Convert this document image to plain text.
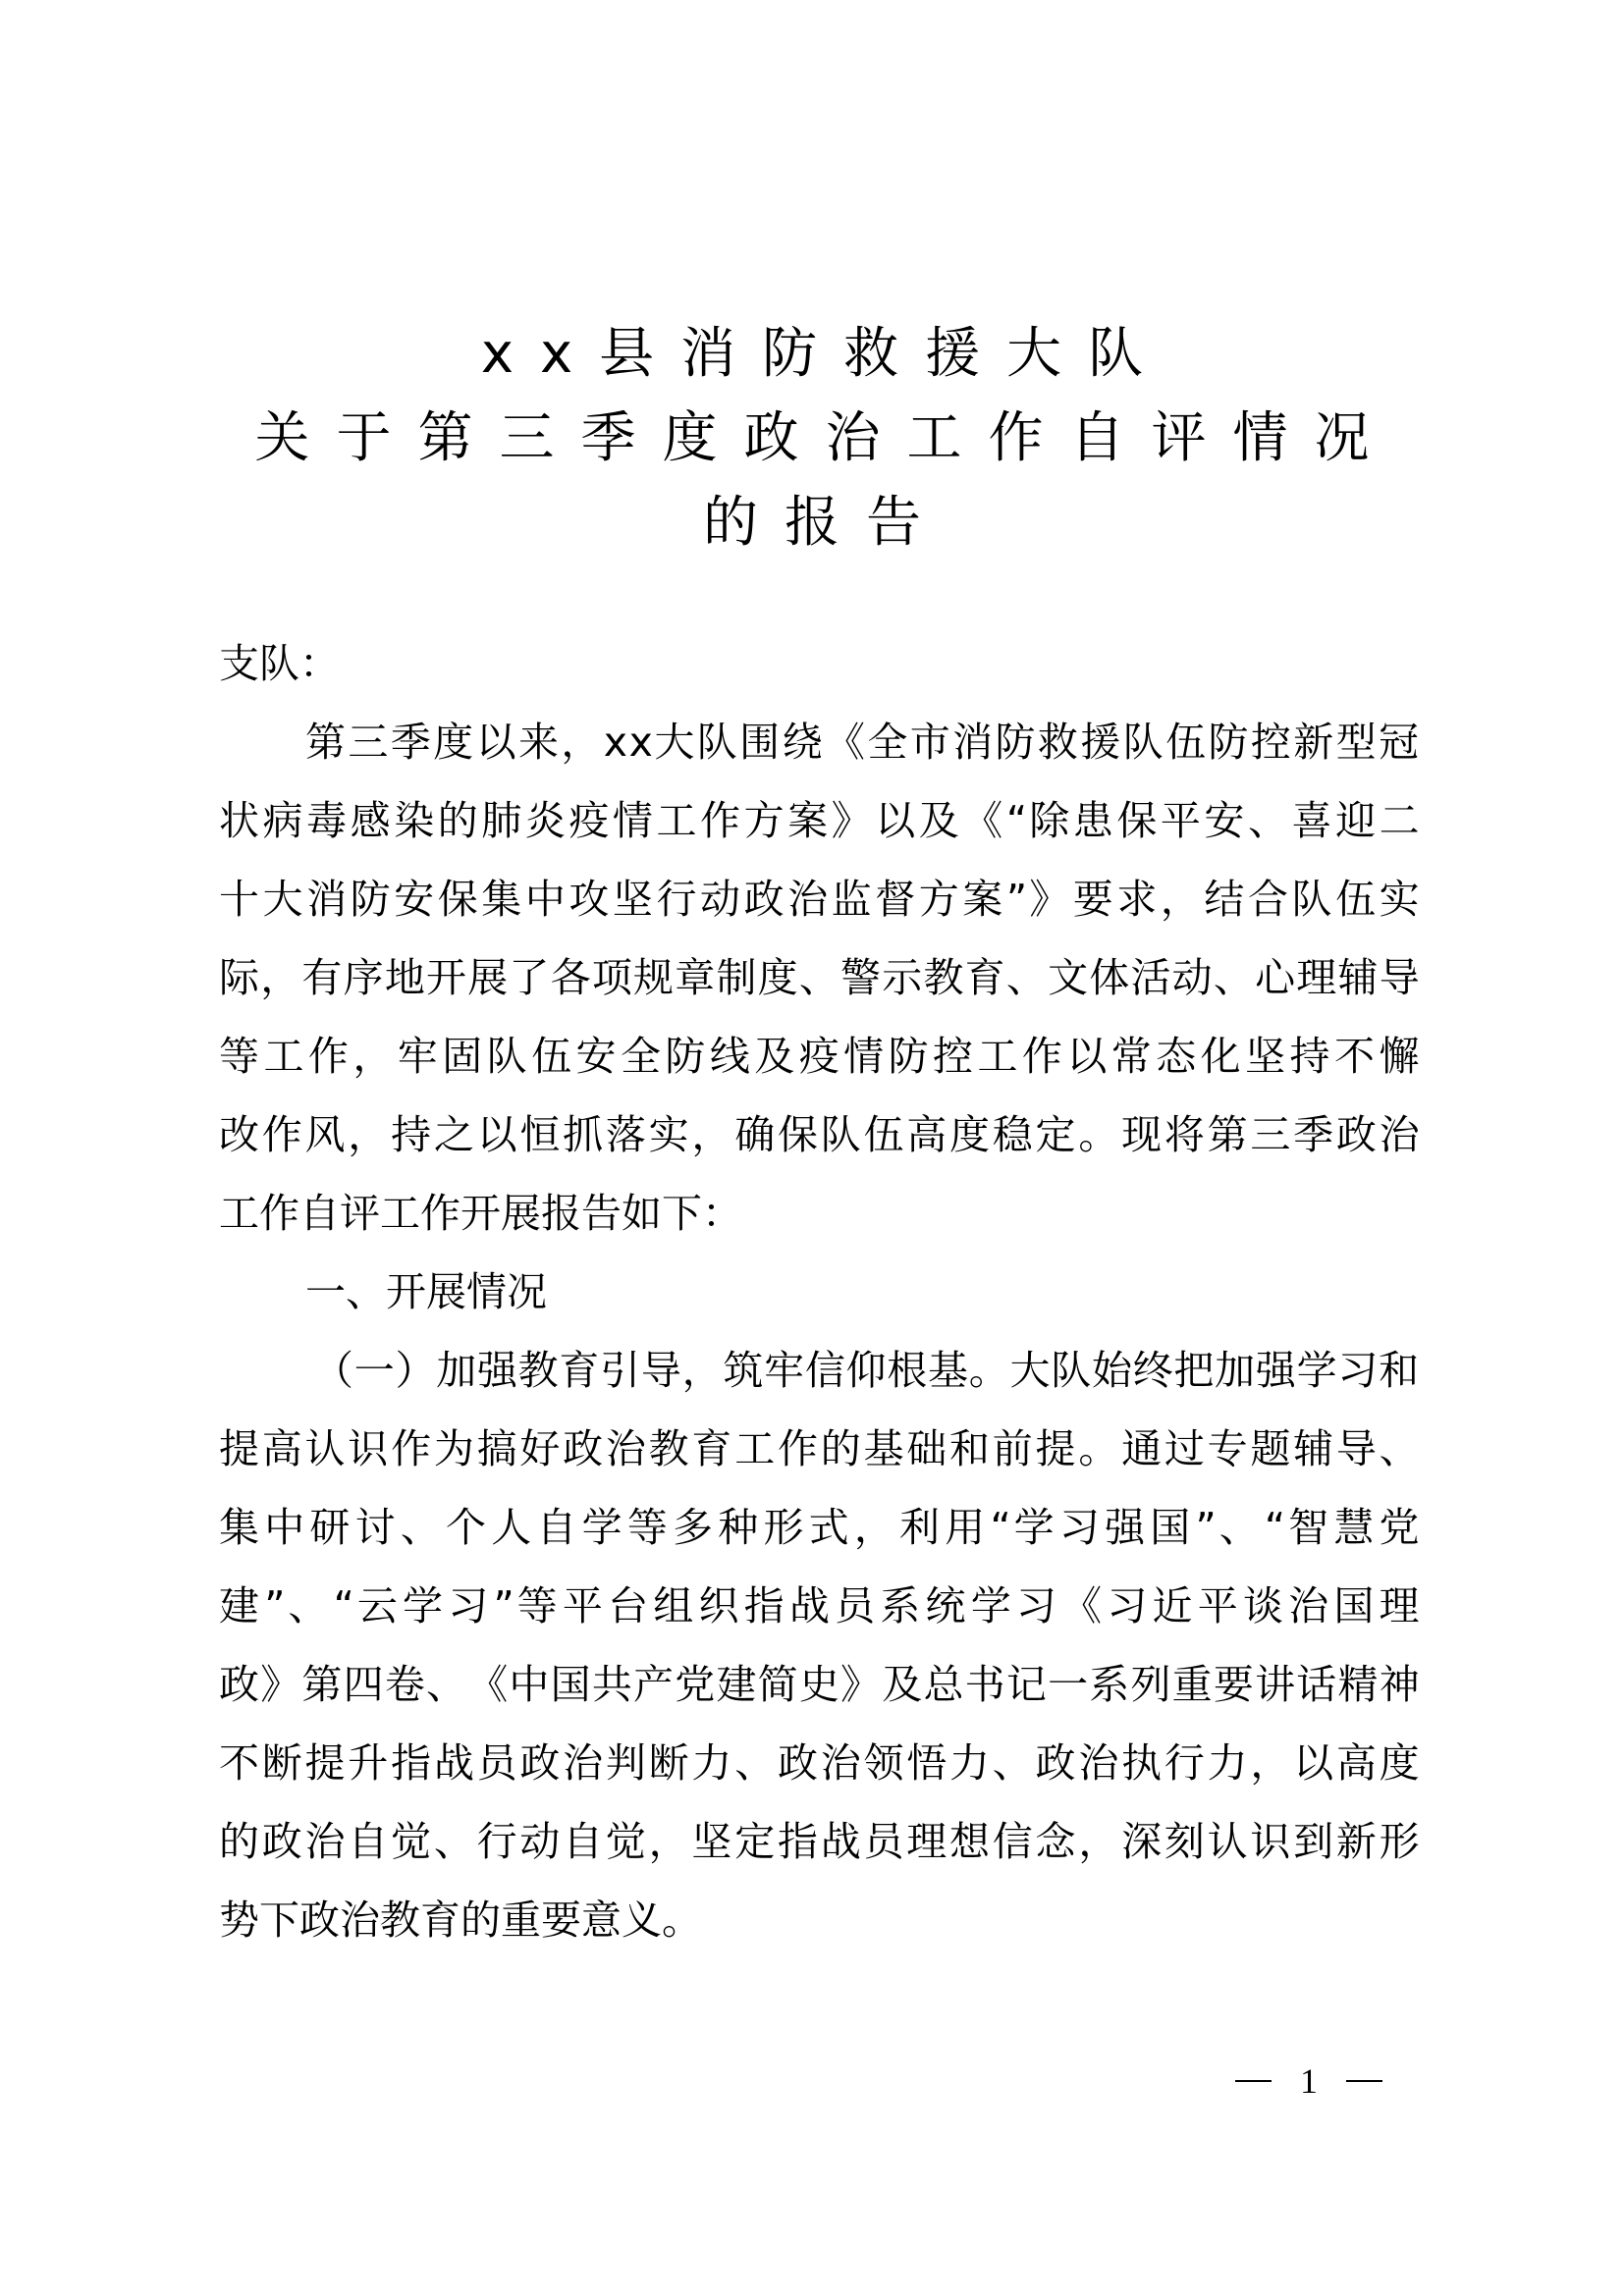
xx县消防救援大队
关于第三季度政治工作自评情况
的报告
支队：
第 三 季 度 以 来 ， x x 大 队 围 绕 《 全 市 消 防 救 援 队 伍 防 控 新 型 冠
状 病 毒 感 染 的 肺 炎 疫 情 工 作 方 案 》 以 及 《 “ 除 患 保 平 安 、 喜 迎 二
十 大 消 防 安 保 集 中 攻 坚 行 动 政 治 监 督 方 案 ” 》 要 求 ， 结 合 队 伍 实
际 ， 有 序 地 开 展 了 各 项 规 章 制 度 、 警 示 教 育 、 文 体 活 动 、 心 理 辅 导
等 工 作 ， 牢 固 队 伍 安 全 防 线 及 疫 情 防 控 工 作 以 常 态 化 坚 持 不 懈
改 作 风 ， 持 之 以 恒 抓 落 实 ， 确 保 队 伍 高 度 稳 定 。 现 将 第 三 季 政 治
工作自评工作开展报告如下：
一、开展情况
（ 一 ） 加 强 教 育 引 导 ， 筑 牢 信 仰 根 基 。 大 队 始 终 把 加 强 学 习 和
提 高 认 识 作 为 搞 好 政 治 教 育 工 作 的 基 础 和 前 提 。 通 过 专 题 辅 导 、
集 中 研 讨 、 个 人 自 学 等 多 种 形 式 ， 利 用 “ 学 习 强 国 ” 、 “ 智 慧 党
建 ” 、 “ 云 学 习 ” 等 平 台 组 织 指 战 员 系 统 学 习 《 习 近 平 谈 治 国 理
政 》 第 四 卷 、 《 中 国 共 产 党 建 简 史 》 及 总 书 记 一 系 列 重 要 讲 话 精 神
不 断 提 升 指 战 员 政 治 判 断 力 、 政 治 领 悟 力 、 政 治 执 行 力 ， 以 高 度
的 政 治 自 觉 、 行 动 自 觉 ， 坚 定 指 战 员 理 想 信 念 ， 深 刻 认 识 到 新 形
势下政治教育的重要意义。
1
